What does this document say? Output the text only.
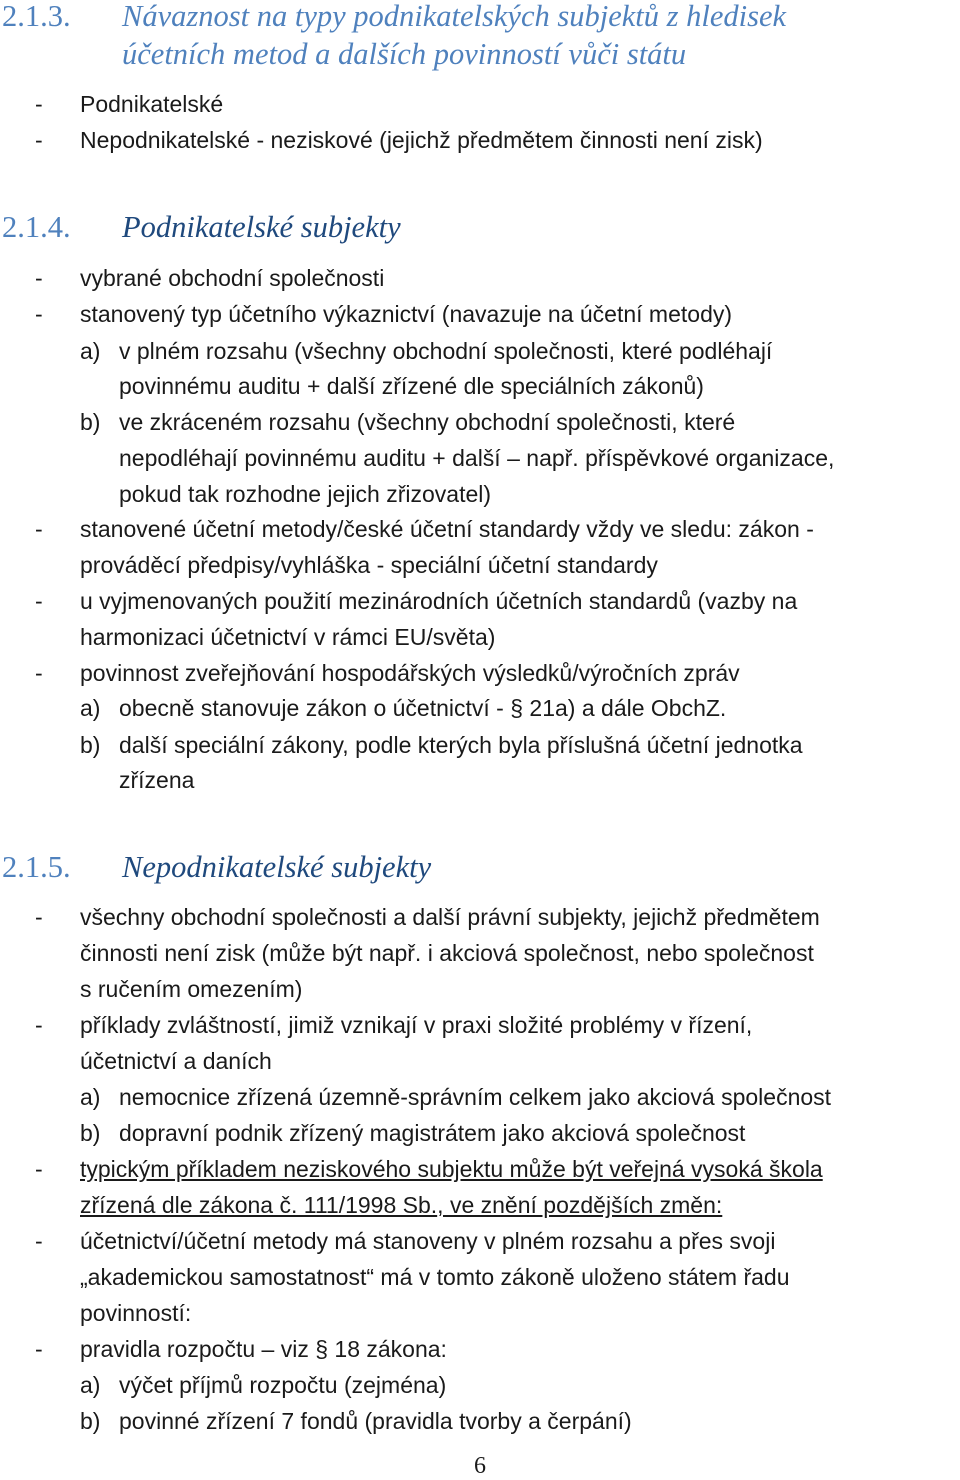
2.1.3. Návaznost na typy podnikatelských subjektů z hledisek
účetních metod a dalších povinností vůči státu

- Podnikatelské

- Nepodnikatelské - neziskové (jejichž předmětem činnosti není zisk)

2.1.4. Podnikatelské subjekty

- vybrané obchodní společnosti

- stanovený typ účetního výkaznictví (navazuje na účetní metody)

a) v plném rozsahu (všechny obchodní společnosti, které podléhají

povinnému auditu + další zřízené dle speciálních zákonů)

b) ve zkráceném rozsahu (všechny obchodní společnosti, které

nepodléhají povinnému auditu + další – např. příspěvkové organizace,

pokud tak rozhodne jejich zřizovatel)

- stanovené účetní metody/české účetní standardy vždy ve sledu: zákon -

prováděcí předpisy/vyhláška - speciální účetní standardy

- u vyjmenovaných použití mezinárodních účetních standardů (vazby na

harmonizaci účetnictví v rámci EU/světa)

- povinnost zveřejňování hospodářských výsledků/výročních zpráv

a) obecně stanovuje zákon o účetnictví - § 21a) a dále ObchZ.

b) další speciální zákony, podle kterých byla příslušná účetní jednotka

zřízena

2.1.5. Nepodnikatelské subjekty

- všechny obchodní společnosti a další právní subjekty, jejichž předmětem

činnosti není zisk (může být např. i akciová společnost, nebo společnost

s ručením omezením)

- příklady zvláštností, jimiž vznikají v praxi složité problémy v řízení,

účetnictví a daních

a) nemocnice zřízená územně-správním celkem jako akciová společnost

b) dopravní podnik zřízený magistrátem jako akciová společnost

- typickým příkladem neziskového subjektu může být veřejná vysoká škola

zřízená dle zákona č. 111/1998 Sb., ve znění pozdějších změn:

- účetnictví/účetní metody má stanoveny v plném rozsahu a přes svoji

„akademickou samostatnost“ má v tomto zákoně uloženo státem řadu

povinností:

- pravidla rozpočtu – viz § 18 zákona:

a) výčet příjmů rozpočtu (zejména)

b) povinné zřízení 7 fondů (pravidla tvorby a čerpání)

6
